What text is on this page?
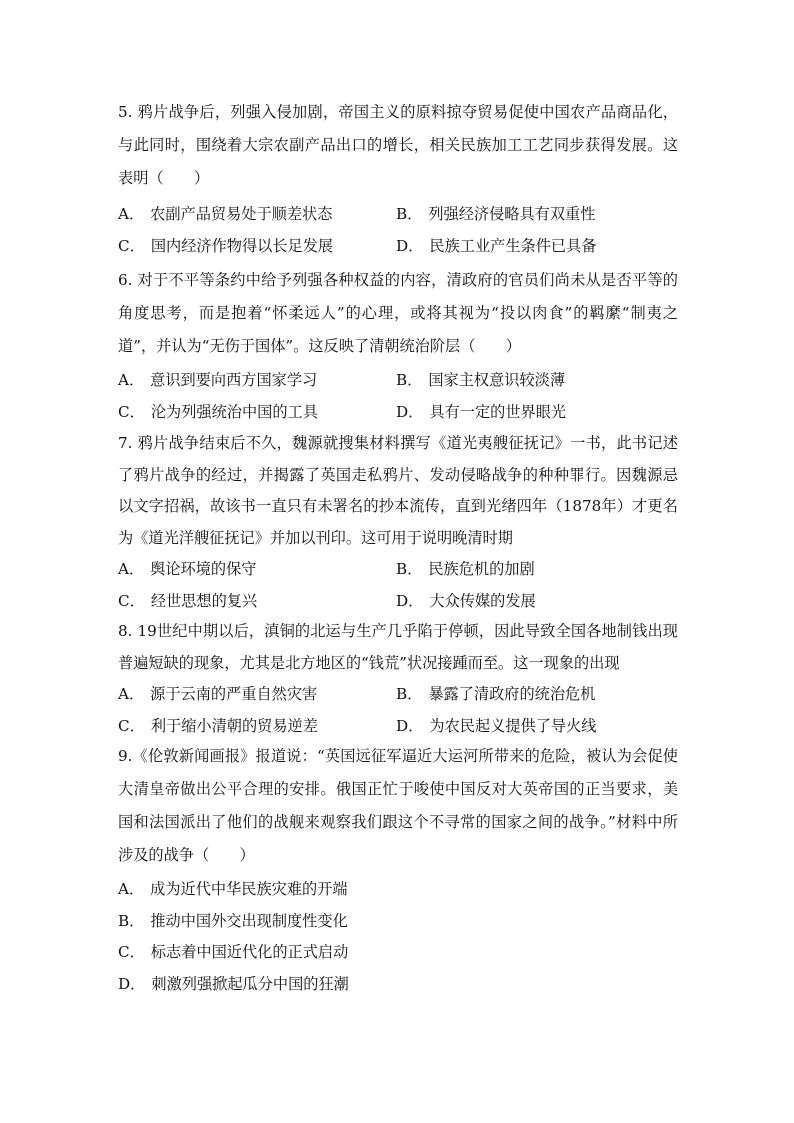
5. 鸦片战争后，列强入侵加剧，帝国主义的原料掠夺贸易促使中国农产品商品化，与此同时，围绕着大宗农副产品出口的增长，相关民族加工工艺同步获得发展。这表明（　　）

A． 农副产品贸易处于顺差状态	B． 列强经济侵略具有双重性
C． 国内经济作物得以长足发展	D． 民族工业产生条件已具备

6. 对于不平等条约中给予列强各种权益的内容，清政府的官员们尚未从是否平等的角度思考，而是抱着“怀柔远人”的心理，或将其视为“投以肉食”的羁縻“制夷之道”，并认为“无伤于国体”。这反映了清朝统治阶层（　　）

A． 意识到要向西方国家学习	B． 国家主权意识较淡薄
C． 沦为列强统治中国的工具	D． 具有一定的世界眼光

7. 鸦片战争结束后不久，魏源就搜集材料撰写《道光夷艘征抚记》一书，此书记述了鸦片战争的经过，并揭露了英国走私鸦片、发动侵略战争的种种罪行。因魏源忌以文字招祸，故该书一直只有未署名的抄本流传，直到光绪四年（1878年）才更名为《道光洋艘征抚记》并加以刊印。这可用于说明晚清时期

A． 舆论环境的保守	B． 民族危机的加剧
C． 经世思想的复兴	D． 大众传媒的发展

8. 19世纪中期以后，滇铜的北运与生产几乎陷于停顿，因此导致全国各地制钱出现普遍短缺的现象，尤其是北方地区的“钱荒”状况接踵而至。这一现象的出现

A． 源于云南的严重自然灾害	B． 暴露了清政府的统治危机
C． 利于缩小清朝的贸易逆差	D． 为农民起义提供了导火线

9.《伦敦新闻画报》报道说：“英国远征军逼近大运河所带来的危险，被认为会促使大清皇帝做出公平合理的安排。俄国正忙于唆使中国反对大英帝国的正当要求，美国和法国派出了他们的战舰来观察我们跟这个不寻常的国家之间的战争。”材料中所涉及的战争（　　）

A． 成为近代中华民族灾难的开端
B． 推动中国外交出现制度性变化
C． 标志着中国近代化的正式启动
D． 刺激列强掀起瓜分中国的狂潮
